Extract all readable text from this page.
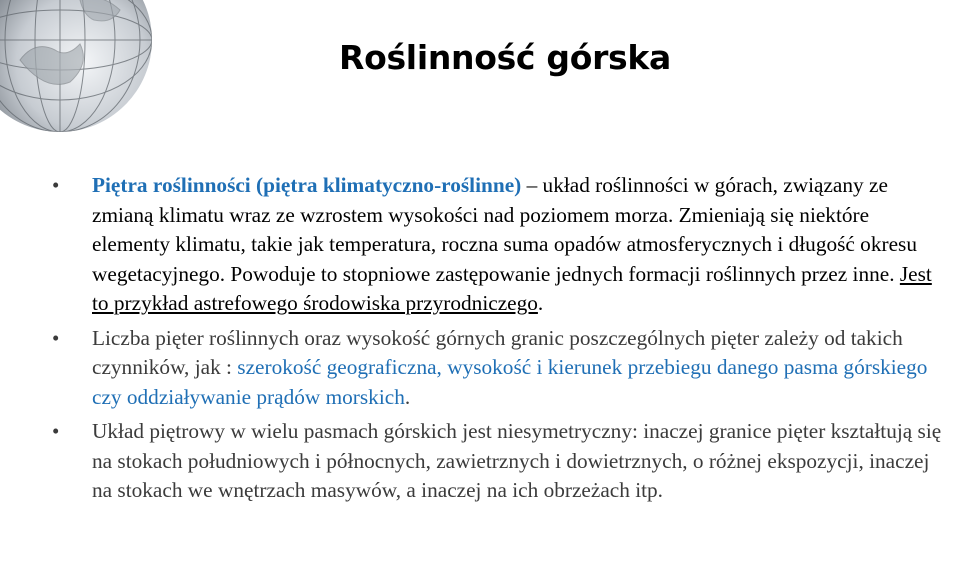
Roślinność górska
• Piętra roślinności (piętra klimatyczno-roślinne) – układ roślinności w górach, związany ze zmianą klimatu wraz ze wzrostem wysokości nad poziomem morza. Zmieniają się niektóre elementy klimatu, takie jak temperatura, roczna suma opadów atmosferycznych i długość okresu wegetacyjnego. Powoduje to stopniowe zastępowanie jednych formacji roślinnych przez inne. Jest to przykład astrefowego środowiska przyrodniczego.
• Liczba pięter roślinnych oraz wysokość górnych granic poszczególnych pięter zależy od takich czynników, jak : szerokość geograficzna, wysokość i kierunek przebiegu danego pasma górskiego czy oddziaływanie prądów morskich.
• Układ piętrowy w wielu pasmach górskich jest niesymetryczny: inaczej granice pięter kształtują się na stokach południowych i północnych, zawietrznych i dowietrznych, o różnej ekspozycji, inaczej na stokach we wnętrzach masywów, a inaczej na ich obrzeżach itp.
